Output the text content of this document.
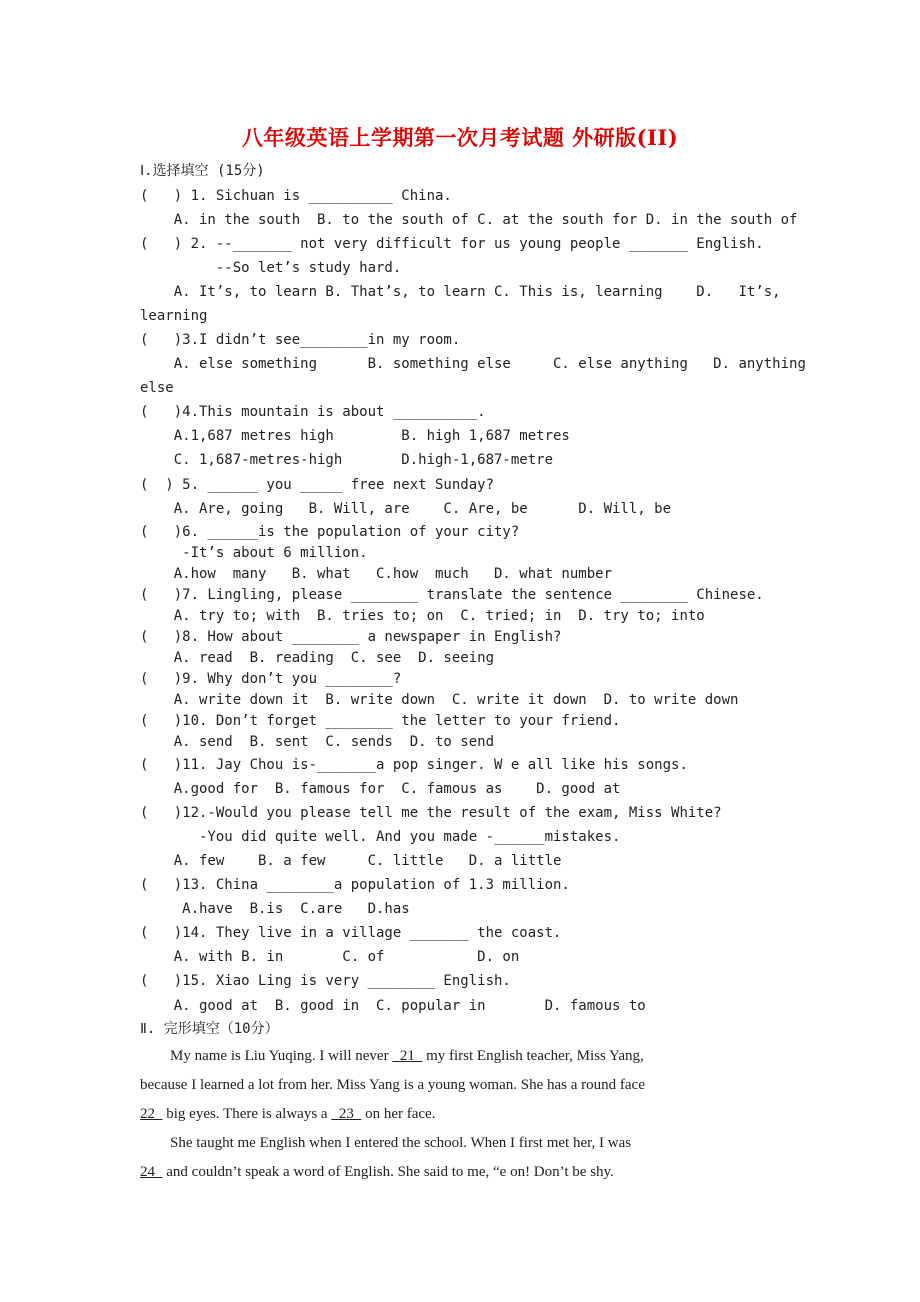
八年级英语上学期第一次月考试题 外研版(II)
Ⅰ.选择填空 (15分)
(   ) 1. Sichuan is __________ China.
A. in the south  B. to the south of C. at the south for D. in the south of
(   ) 2. --_______ not very difficult for us young people _______ English.
--So let’s study hard.
A. It’s, to learn B. That’s, to learn C. This is, learning    D.   It’s,
learning
(   )3.I didn’t see________in my room.
A. else something      B. something else     C. else anything   D. anything
else
(   )4.This mountain is about __________.
A.1,687 metres high        B. high 1,687 metres
C. 1,687-metres-high       D.high-1,687-metre
(  ) 5. ______ you _____ free next Sunday?
A. Are, going   B. Will, are    C. Are, be      D. Will, be
(   )6. ______is the population of your city?
-It’s about 6 million.
A.how  many   B. what   C.how  much   D. what number
(   )7. Lingling, please ________ translate the sentence ________ Chinese.
A. try to; with  B. tries to; on  C. tried; in  D. try to; into
(   )8. How about ________ a newspaper in English?
A. read  B. reading  C. see  D. seeing
(   )9. Why don’t you ________?
A. write down it  B. write down  C. write it down  D. to write down
(   )10. Don’t forget ________ the letter to your friend.
A. send  B. sent  C. sends  D. to send
(   )11. Jay Chou is-_______a pop singer. W e all like his songs.
A.good for  B. famous for  C. famous as    D. good at
(   )12.-Would you please tell me the result of the exam, Miss White?
-You did quite well. And you made -______mistakes.
A. few    B. a few     C. little   D. a little
(   )13. China ________a population of 1.3 million.
A.have  B.is  C.are   D.has
(   )14. They live in a village _______ the coast.
A. with B. in       C. of           D. on
(   )15. Xiao Ling is very ________ English.
A. good at  B. good in  C. popular in       D. famous to
Ⅱ. 完形填空（10分）
My name is Liu Yuqing. I will never   21   my first English teacher, Miss Yang,
because I learned a lot from her. Miss Yang is a young woman. She has a round face
22   big eyes. There is always a   23   on her face.
She taught me English when I entered the school. When I first met her, I was
24   and couldn’t speak a word of English. She said to me, “e on! Don’t be shy.
